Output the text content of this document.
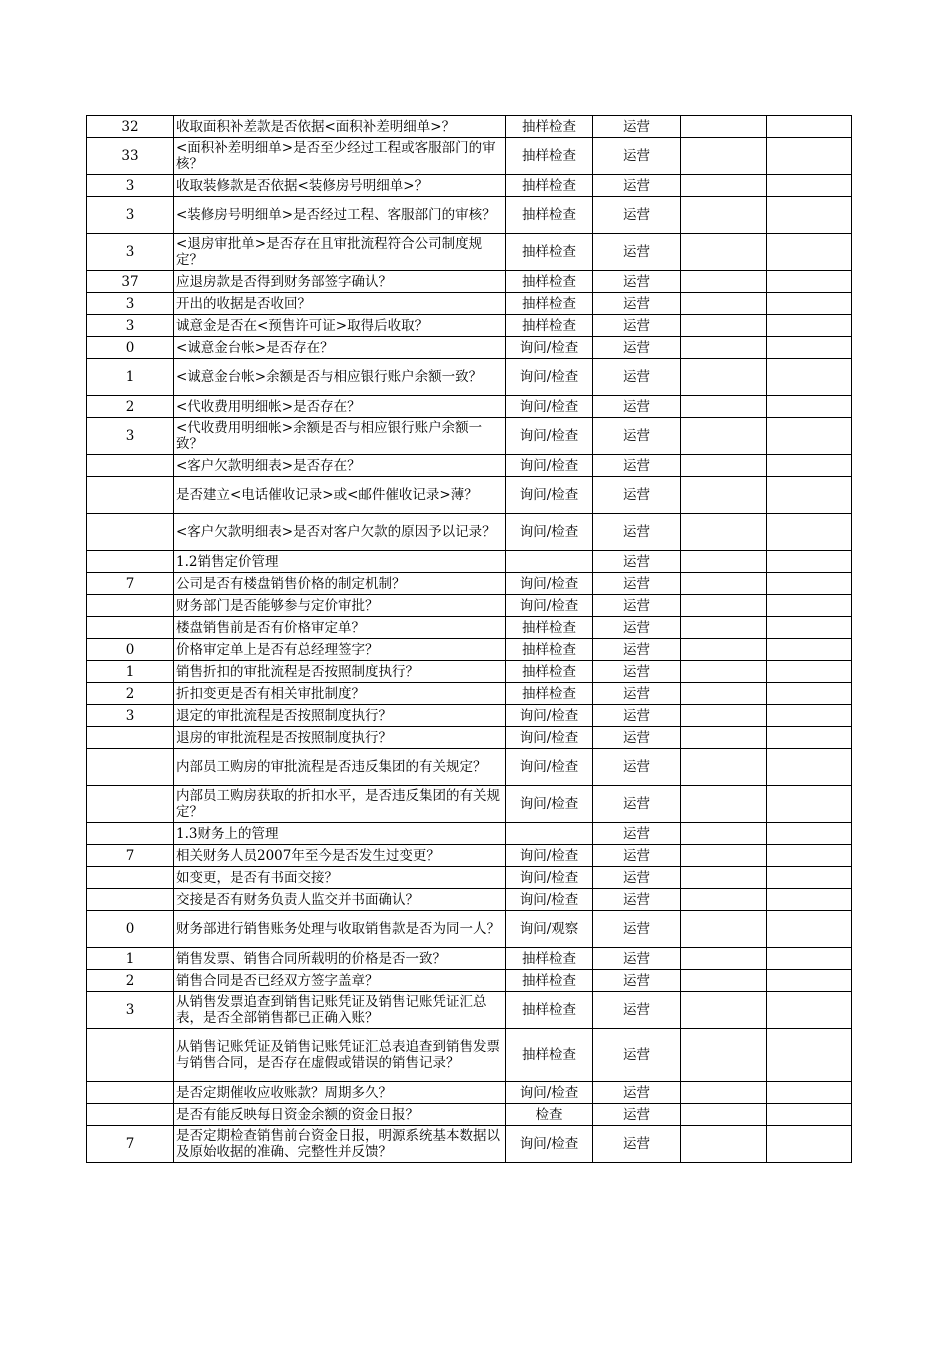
32	收取面积补差款是否依据<面积补差明细单>？	抽样检查	运营		
33	<面积补差明细单>是否至少经过工程或客服部门的审核？	抽样检查	运营		
3	收取装修款是否依据<装修房号明细单>？	抽样检查	运营		
3	<装修房号明细单>是否经过工程、客服部门的审核？	抽样检查	运营		
3	<退房审批单>是否存在且审批流程符合公司制度规定？	抽样检查	运营		
37	应退房款是否得到财务部签字确认？	抽样检查	运营		
3	开出的收据是否收回？	抽样检查	运营		
3	诚意金是否在<预售许可证>取得后收取？	抽样检查	运营		
0	<诚意金台帐>是否存在？	询问/检查	运营		
1	<诚意金台帐>余额是否与相应银行账户余额一致？	询问/检查	运营		
2	<代收费用明细帐>是否存在？	询问/检查	运营		
3	<代收费用明细帐>余额是否与相应银行账户余额一致？	询问/检查	运营		
	<客户欠款明细表>是否存在？	询问/检查	运营		
	是否建立<电话催收记录>或<邮件催收记录>薄？	询问/检查	运营		
	<客户欠款明细表>是否对客户欠款的原因予以记录？	询问/检查	运营		
	1.2销售定价管理		运营		
7	公司是否有楼盘销售价格的制定机制？	询问/检查	运营		
	财务部门是否能够参与定价审批？	询问/检查	运营		
	楼盘销售前是否有价格审定单？	抽样检查	运营		
0	价格审定单上是否有总经理签字？	抽样检查	运营		
1	销售折扣的审批流程是否按照制度执行？	抽样检查	运营		
2	折扣变更是否有相关审批制度？	抽样检查	运营		
3	退定的审批流程是否按照制度执行？	询问/检查	运营		
	退房的审批流程是否按照制度执行？	询问/检查	运营		
	内部员工购房的审批流程是否违反集团的有关规定？	询问/检查	运营		
	内部员工购房获取的折扣水平，是否违反集团的有关规定？	询问/检查	运营		
	1.3财务上的管理		运营		
7	相关财务人员2007年至今是否发生过变更？	询问/检查	运营		
	如变更，是否有书面交接？	询问/检查	运营		
	交接是否有财务负责人监交并书面确认？	询问/检查	运营		
0	财务部进行销售账务处理与收取销售款是否为同一人？	询问/观察	运营		
1	销售发票、销售合同所载明的价格是否一致？	抽样检查	运营		
2	销售合同是否已经双方签字盖章？	抽样检查	运营		
3	从销售发票追查到销售记账凭证及销售记账凭证汇总表，是否全部销售都已正确入账？	抽样检查	运营		
	从销售记账凭证及销售记账凭证汇总表追查到销售发票与销售合同，是否存在虚假或错误的销售记录？	抽样检查	运营		
	是否定期催收应收账款？周期多久？	询问/检查	运营		
	是否有能反映每日资金余额的资金日报？	检查	运营		
7	是否定期检查销售前台资金日报，明源系统基本数据以及原始收据的准确、完整性并反馈？	询问/检查	运营		
